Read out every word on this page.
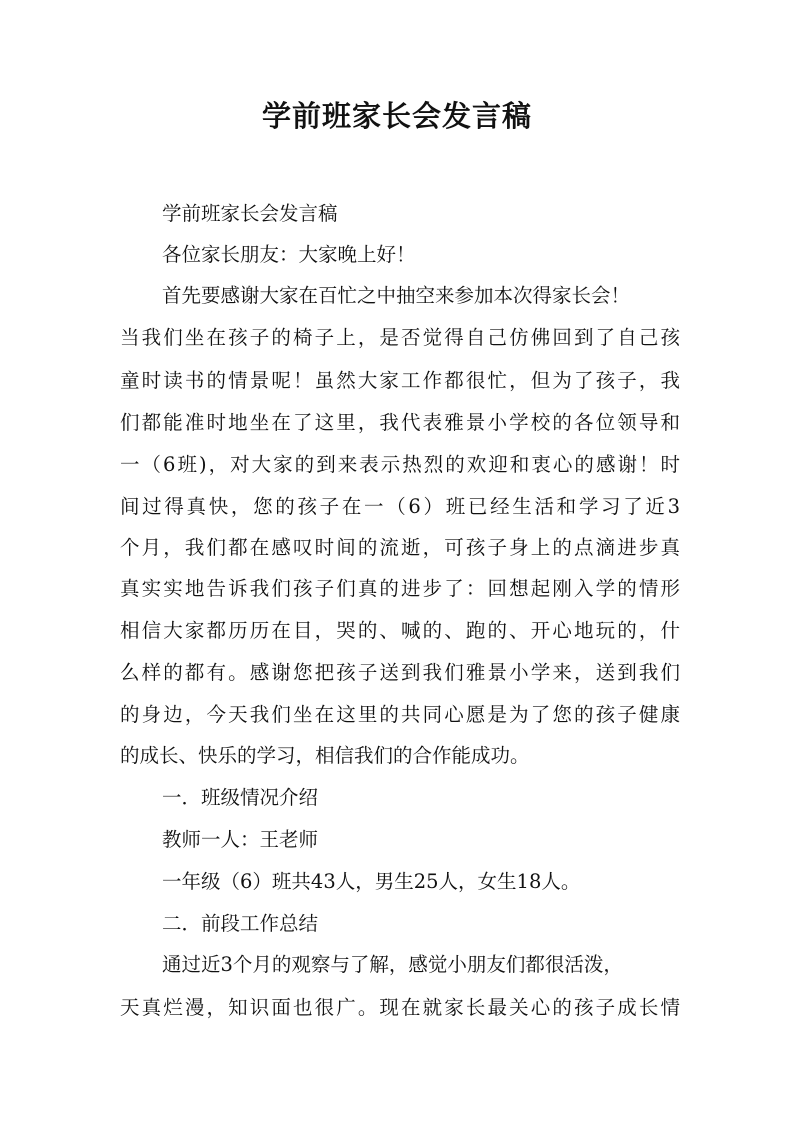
学前班家长会发言稿

学前班家长会发言稿

各位家长朋友：大家晚上好！

首先要感谢大家在百忙之中抽空来参加本次得家长会！

当我们坐在孩子的椅子上，是否觉得自己仿佛回到了自己孩

童时读书的情景呢！虽然大家工作都很忙，但为了孩子，我

们都能准时地坐在了这里，我代表雅景小学校的各位领导和

一（6班)，对大家的到来表示热烈的欢迎和衷心的感谢！时

间过得真快，您的孩子在一（6）班已经生活和学习了近3

个月，我们都在感叹时间的流逝，可孩子身上的点滴进步真

真实实地告诉我们孩子们真的进步了：回想起刚入学的情形

相信大家都历历在目，哭的、喊的、跑的、开心地玩的，什

么样的都有。感谢您把孩子送到我们雅景小学来，送到我们

的身边，今天我们坐在这里的共同心愿是为了您的孩子健康

的成长、快乐的学习，相信我们的合作能成功。

一．班级情况介绍

教师一人：王老师

一年级（6）班共43人，男生25人，女生18人。

二．前段工作总结

通过近3个月的观察与了解，感觉小朋友们都很活泼，

天真烂漫，知识面也很广。现在就家长最关心的孩子成长情
